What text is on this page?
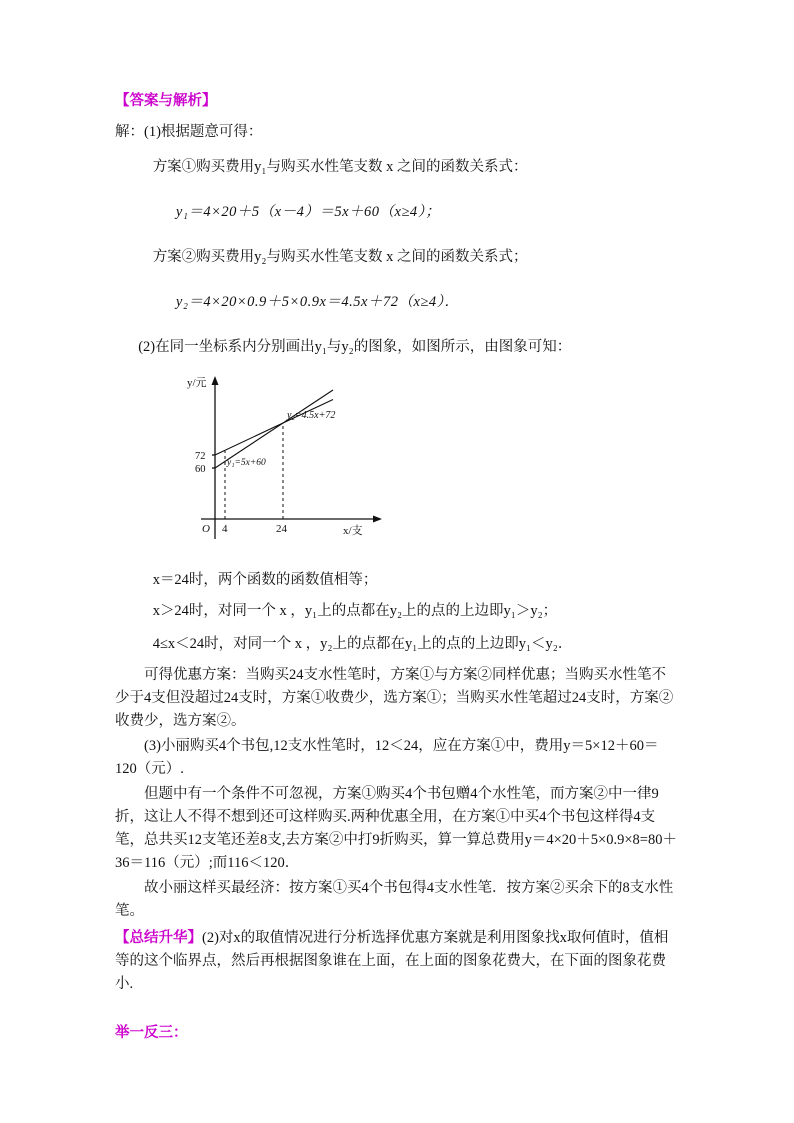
【答案与解析】

解：(1)根据题意可得：

方案①购买费用y₁与购买水性笔支数 x 之间的函数关系式：

y₁＝4×20＋5（x－4）＝5x＋60（x≥4）；

方案②购买费用y₂与购买水性笔支数 x 之间的函数关系式；

y₂＝4×20×0.9＋5×0.9x＝4.5x＋72（x≥4）．

(2)在同一坐标系内分别画出y₁与y₂的图象，如图所示，由图象可知：

y/元
x/支
O 4	24
72
60
y₂=4.5x+72
y₁=5x+60

x＝24时，两个函数的函数值相等；

x＞24时，对同一个 x ，y₁上的点都在y₂上的点的上边即y₁＞y₂；

4≤x＜24时，对同一个 x ，y₂上的点都在y₁上的点的上边即y₁＜y₂．

可得优惠方案：当购买24支水性笔时，方案①与方案②同样优惠；当购买水性笔不少于4支但没超过24支时，方案①收费少，选方案①；当购买水性笔超过24支时，方案②收费少，选方案②。

(3)小丽购买4个书包,12支水性笔时，12＜24，应在方案①中，费用y＝5×12＋60＝120（元）.

但题中有一个条件不可忽视，方案①购买4个书包赠4个水性笔，而方案②中一律9折，这让人不得不想到还可这样购买.两种优惠全用，在方案①中买4个书包这样得4支笔，总共买12支笔还差8支,去方案②中打9折购买，算一算总费用y＝4×20＋5×0.9×8=80＋36＝116（元）;而116＜120．

故小丽这样买最经济：按方案①买4个书包得4支水性笔．按方案②买余下的8支水性笔。

【总结升华】(2)对x的取值情况进行分析选择优惠方案就是利用图象找x取何值时，值相等的这个临界点，然后再根据图象谁在上面，在上面的图象花费大，在下面的图象花费小.

举一反三：
